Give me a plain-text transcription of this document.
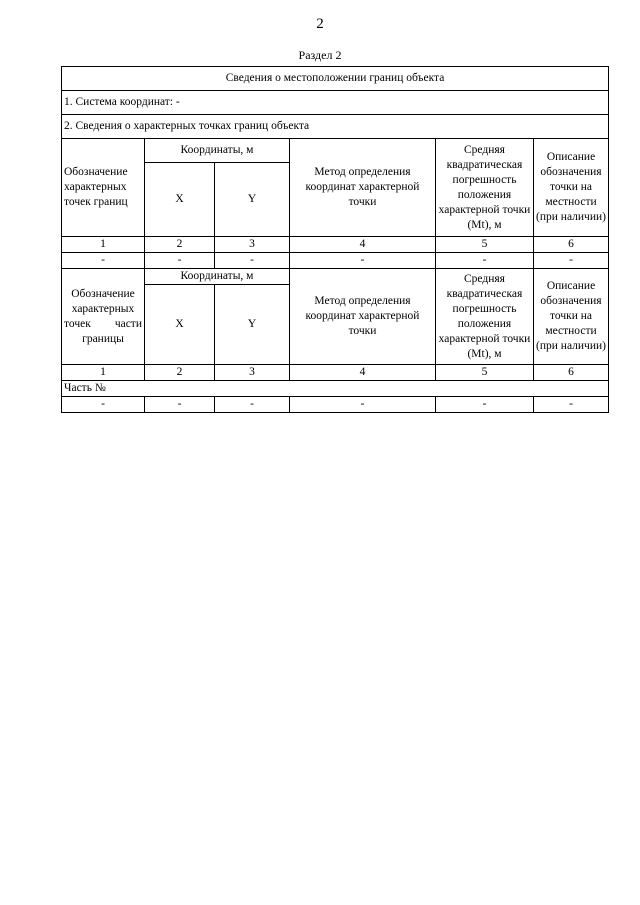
2
Раздел 2
Сведения о местоположении границ объекта					
1. Система координат: -					
2. Сведения о характерных точках границ объекта					
Обозначение характерных точек границ	Координаты, м		Метод определения координат характерной точки	Средняя квадратическая погрешность положения характерной точки (Mt), м	Описание обозначения точки на местности (при наличии)
	X	Y			
1	2	3	4	5	6
-	-	-	-	-	-

Обозначение
характерных
точек части
границы	Координаты, м		Метод определения координат характерной точки	Средняя квадратическая погрешность положения характерной точки (Mt), м	Описание обозначения точки на местности (при наличии)
	X	Y			
1	2	3	4	5	6
Часть №					
-	-	-	-	-	-
